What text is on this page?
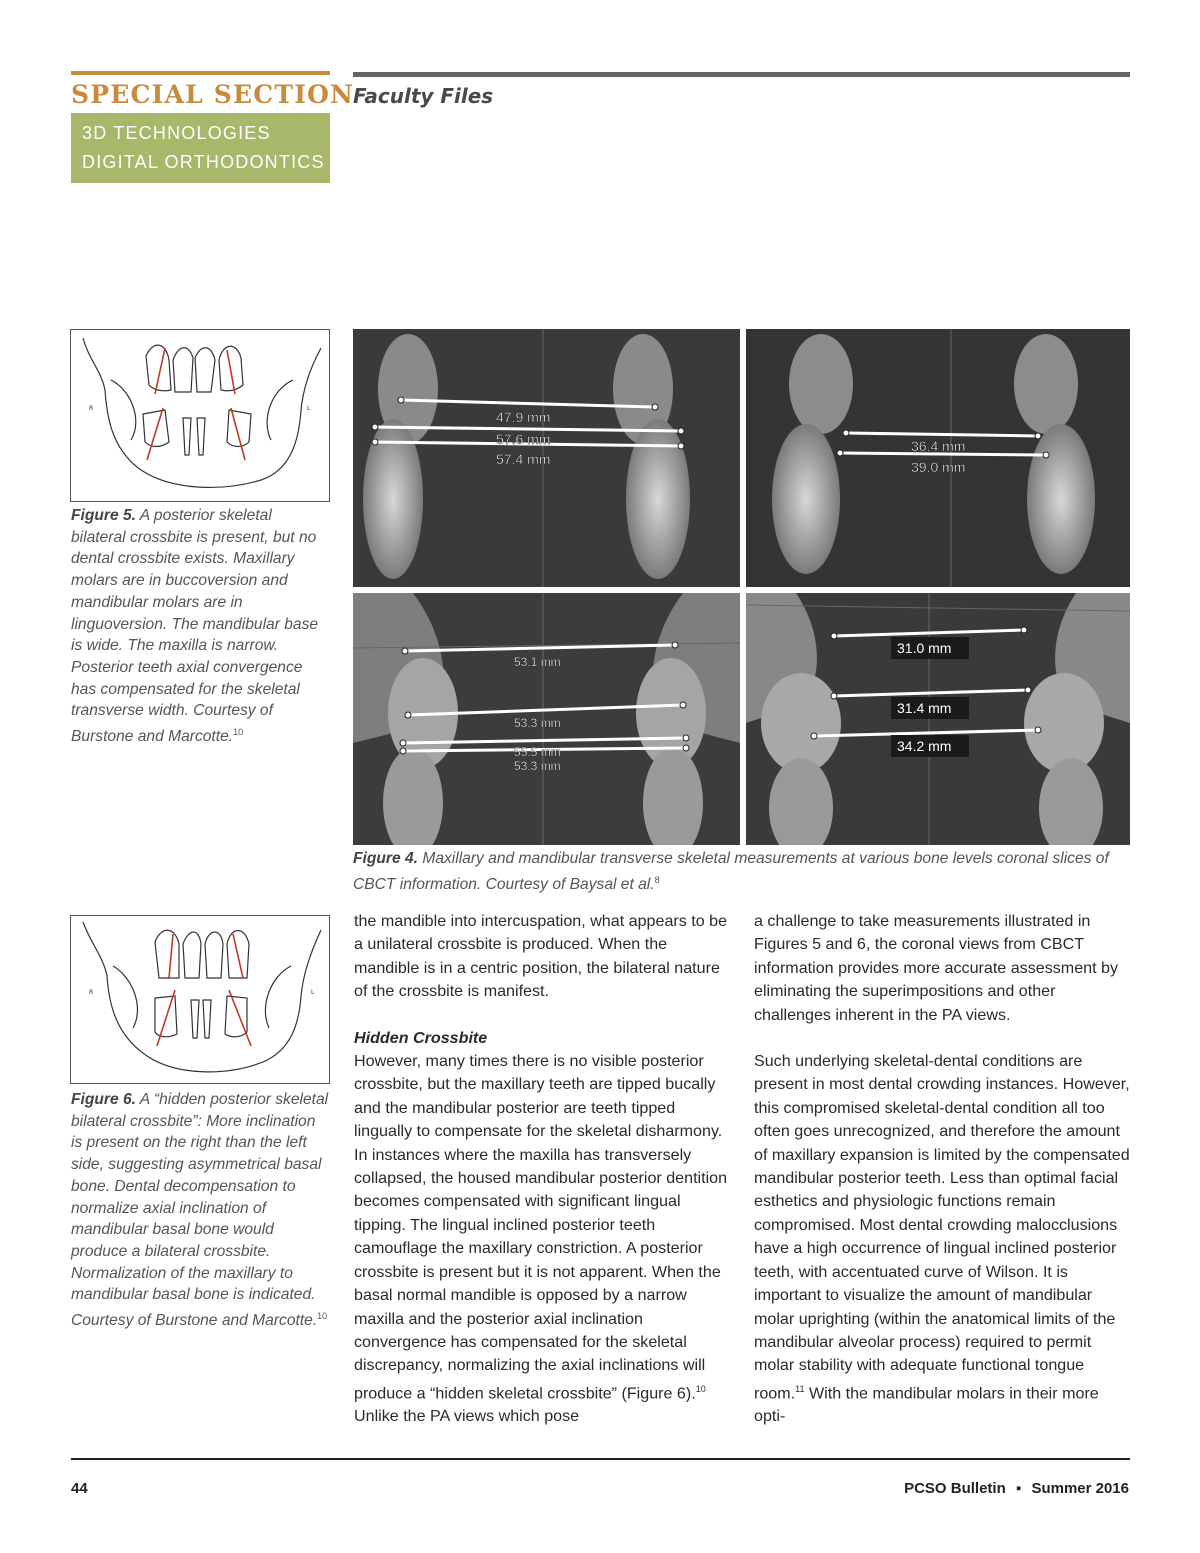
SPECIAL SECTION
3D TECHNOLOGIES
DIGITAL ORTHODONTICS
Faculty Files
R	L
Figure 5. A posterior skeletal bilateral crossbite is present, but no dental crossbite exists. Maxillary molars are in buccoversion and mandibular molars are in linguoversion. The mandibular base is wide. The maxilla is narrow. Posterior teeth axial convergence has compensated for the skeletal transverse width. Courtesy of Burstone and Marcotte.$^{10}$
47.9 mm
57.6 mm
57.4 mm
36.4 mm
39.0 mm
53.1 mm
53.3 mm
55.5 mm
53.3 mm
31.0 mm
31.4 mm
34.2 mm
Figure 4. Maxillary and mandibular transverse skeletal measurements at various bone levels coronal slices of CBCT information. Courtesy of Baysal et al.$^8$
R	L
Figure 6. A “hidden posterior skeletal bilateral crossbite”: More inclination is present on the right than the left side, suggesting asymmetrical basal bone. Dental decompensation to normalize axial inclination of mandibular basal bone would produce a bilateral crossbite. Normalization of the maxillary to mandibular basal bone is indicated. Courtesy of Burstone and Marcotte.$^{10}$

the mandible into intercuspation, what appears to be a unilateral crossbite is produced. When the mandible is in a centric position, the bilateral nature of the crossbite is manifest.

Hidden Crossbite

However, many times there is no visible posterior crossbite, but the maxillary teeth are tipped bucally and the mandibular posterior are teeth tipped lingually to compensate for the skeletal disharmony. In instances where the maxilla has transversely collapsed, the housed mandibular posterior dentition becomes compensated with significant lingual tipping. The lingual inclined posterior teeth camouflage the maxillary constriction. A posterior crossbite is present but it is not apparent. When the basal normal mandible is opposed by a narrow maxilla and the posterior axial inclination convergence has compensated for the skeletal discrepancy, normalizing the axial inclinations will produce a “hidden skeletal crossbite” (Figure 6).$^{10}$ Unlike the PA views which pose

a challenge to take measurements illustrated in Figures 5 and 6, the coronal views from CBCT information provides more accurate assessment by eliminating the superimpositions and other challenges inherent in the PA views.

Such underlying skeletal-dental conditions are present in most dental crowding instances. However, this compromised skeletal-dental condition all too often goes unrecognized, and therefore the amount of maxillary expansion is limited by the compensated mandibular posterior teeth. Less than optimal facial esthetics and physiologic functions remain compromised. Most dental crowding malocclusions have a high occurrence of lingual inclined posterior teeth, with accentuated curve of Wilson. It is important to visualize the amount of mandibular molar uprighting (within the anatomical limits of the mandibular alveolar process) required to permit molar stability with adequate functional tongue room.$^{11}$ With the mandibular molars in their more opti-

44	PCSO Bulletin ▪ Summer 2016
